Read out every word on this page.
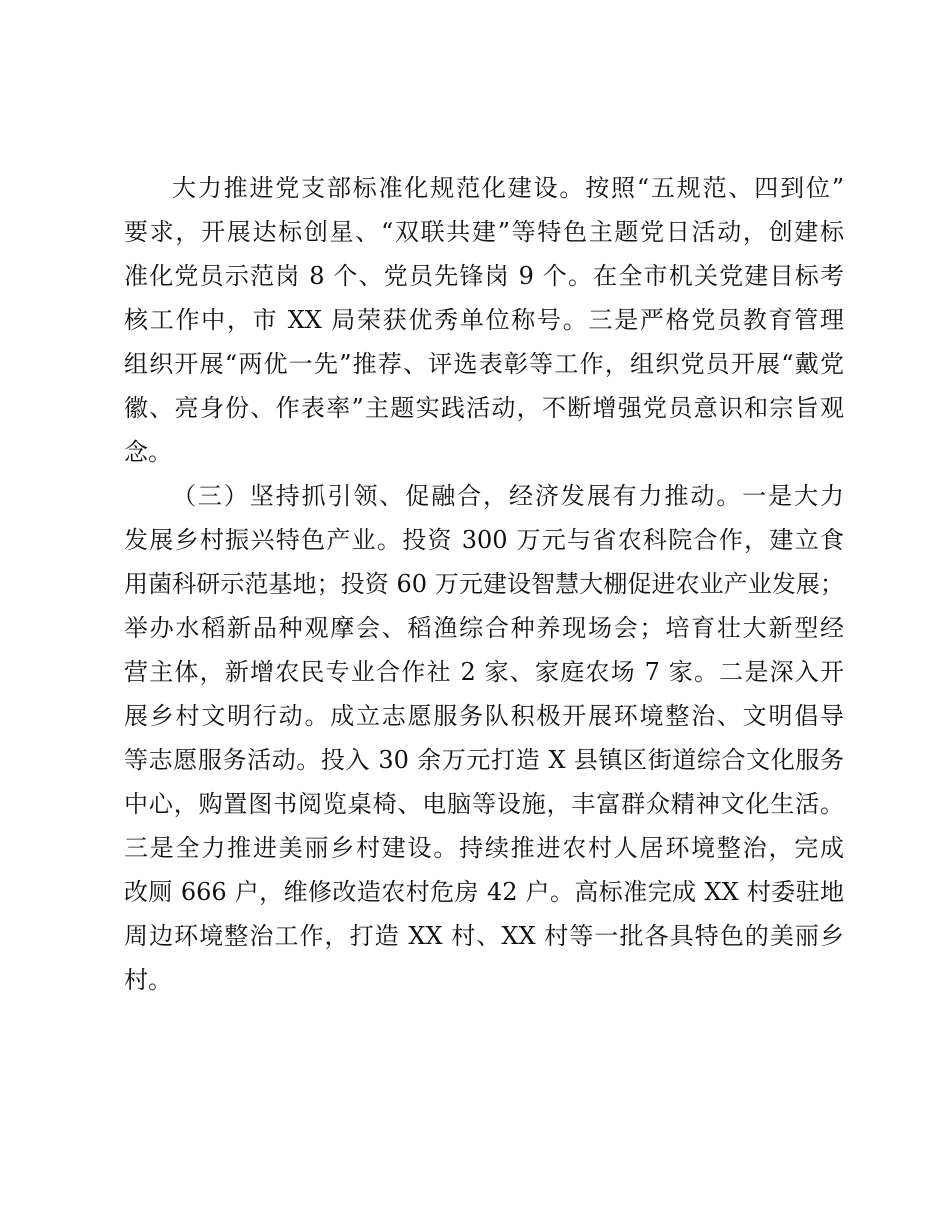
大力推进党支部标准化规范化建设。按照“五规范、四到位”
要求，开展达标创星、“双联共建”等特色主题党日活动，创建标
准化党员示范岗 8 个、党员先锋岗 9 个。在全市机关党建目标考
核工作中，市 XX 局荣获优秀单位称号。三是严格党员教育管理
组织开展“两优一先”推荐、评选表彰等工作，组织党员开展“戴党
徽、亮身份、作表率”主题实践活动，不断增强党员意识和宗旨观
念。
（三）坚持抓引领、促融合，经济发展有力推动。一是大力
发展乡村振兴特色产业。投资 300 万元与省农科院合作，建立食
用菌科研示范基地；投资 60 万元建设智慧大棚促进农业产业发展；
举办水稻新品种观摩会、稻渔综合种养现场会；培育壮大新型经
营主体，新增农民专业合作社 2 家、家庭农场 7 家。二是深入开
展乡村文明行动。成立志愿服务队积极开展环境整治、文明倡导
等志愿服务活动。投入 30 余万元打造 X 县镇区街道综合文化服务
中心，购置图书阅览桌椅、电脑等设施，丰富群众精神文化生活。
三是全力推进美丽乡村建设。持续推进农村人居环境整治，完成
改厕 666 户，维修改造农村危房 42 户。高标准完成 XX 村委驻地
周边环境整治工作，打造 XX 村、XX 村等一批各具特色的美丽乡
村。
